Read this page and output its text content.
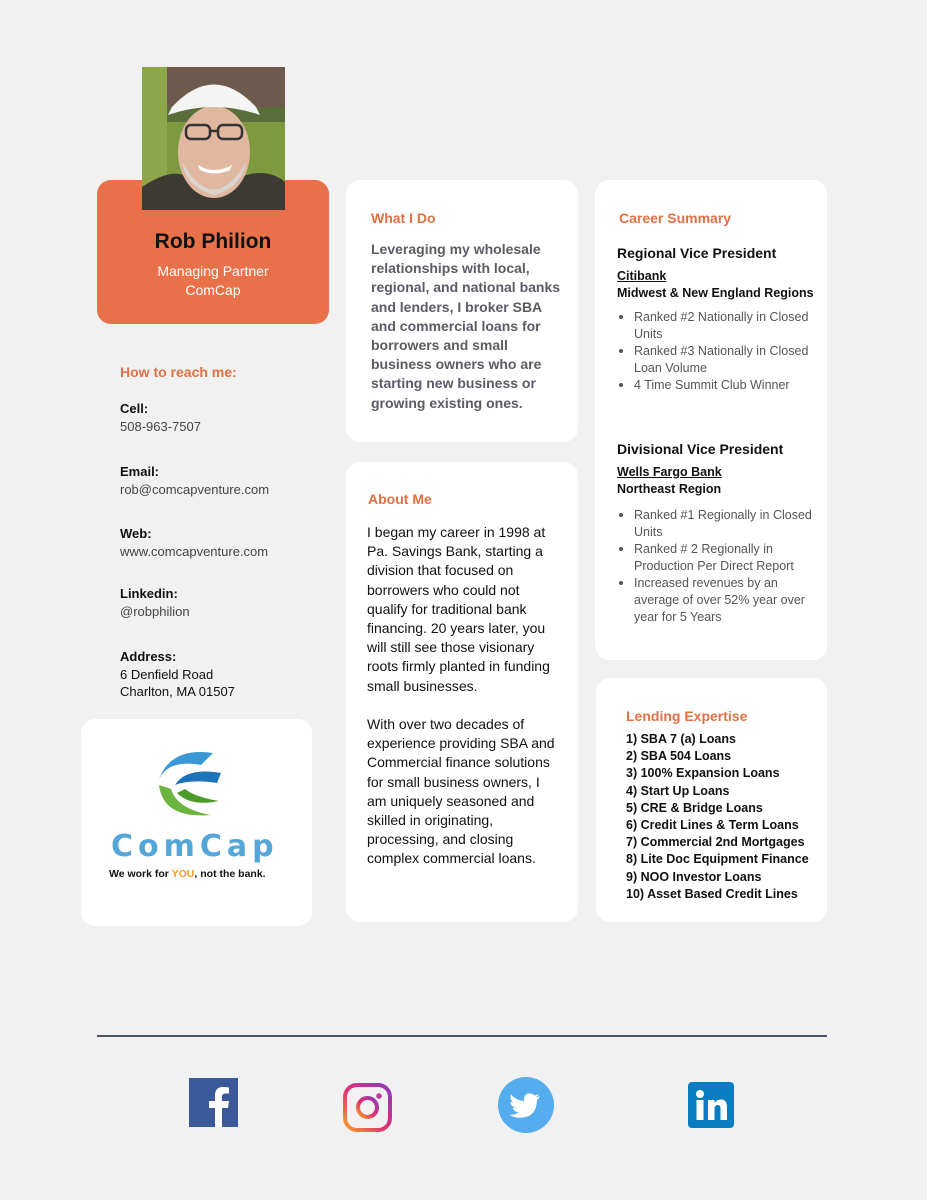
Rob Philion
Managing Partner
ComCap
How to reach me:
Cell:
508-963-7507
Email:
rob@comcapventure.com
Web:
www.comcapventure.com
Linkedin:
@robphilion
Address:
6 Denfield Road
Charlton, MA 01507
ComCap
We work for YOU, not the bank.
What I Do
Leveraging my wholesale relationships with local, regional, and national banks and lenders, I broker SBA and commercial loans for borrowers and small business owners who are starting new business or growing existing ones.
About Me
I began my career in 1998 at Pa. Savings Bank, starting a division that focused on borrowers who could not qualify for traditional bank financing. 20 years later, you will still see those visionary roots firmly planted in funding small businesses.
With over two decades of experience providing SBA and Commercial finance solutions for small business owners, I am uniquely seasoned and skilled in originating, processing, and closing complex commercial loans.
Career Summary
Regional Vice President
Citibank
Midwest & New England Regions
Ranked #2 Nationally in Closed Units
Ranked #3 Nationally in Closed Loan Volume
4 Time Summit Club Winner
Divisional Vice President
Wells Fargo Bank
Northeast Region
Ranked #1 Regionally in Closed Units
Ranked # 2 Regionally in Production Per Direct Report
Increased revenues by an average of over 52% year over year for 5 Years
Lending Expertise
1) SBA 7 (a) Loans
2) SBA 504 Loans
3) 100% Expansion Loans
4) Start Up Loans
5) CRE & Bridge Loans
6) Credit Lines & Term Loans
7) Commercial 2nd Mortgages
8) Lite Doc Equipment Finance
9) NOO Investor Loans
10) Asset Based Credit Lines
